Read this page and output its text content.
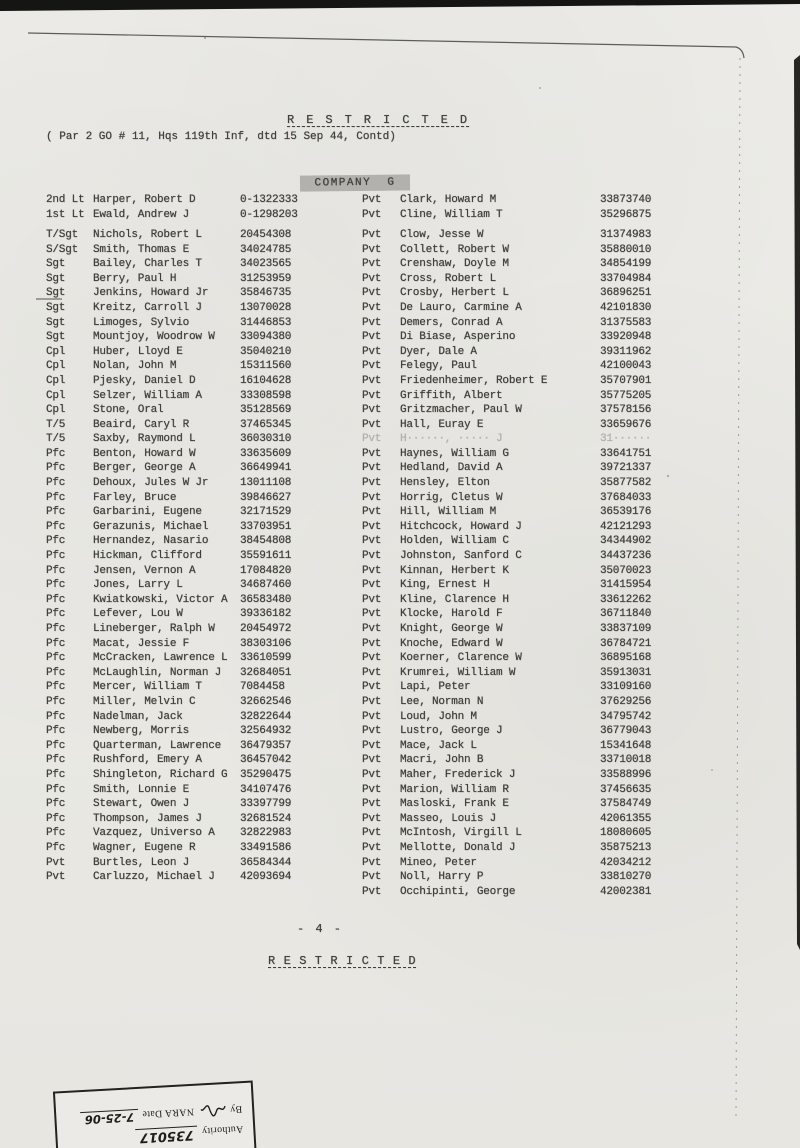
R E S T R I C T E D
( Par 2 GO # 11, Hqs 119th Inf, dtd 15 Sep 44, Contd)
COMPANY  G
2nd Lt Harper, Robert D	0-1322333
1st Lt Ewald, Andrew J	0-1298203
T/Sgt	Nichols, Robert L	20454308
S/Sgt	Smith, Thomas E	34024785
Sgt	Bailey, Charles T	34023565
Sgt	Berry, Paul H	31253959
Sgt	Jenkins, Howard Jr	35846735
Sgt	Kreitz, Carroll J	13070028
Sgt	Limoges, Sylvio	31446853
Sgt	Mountjoy, Woodrow W	33094380
Cpl	Huber, Lloyd E	35040210
Cpl	Nolan, John M	15311560
Cpl	Pjesky, Daniel D	16104628
Cpl	Selzer, William A	33308598
Cpl	Stone, Oral	35128569
T/5	Beaird, Caryl R	37465345
T/5	Saxby, Raymond L	36030310
Pfc	Benton, Howard W	33635609
Pfc	Berger, George A	36649941
Pfc	Dehoux, Jules W Jr	13011108
Pfc	Farley, Bruce	39846627
Pfc	Garbarini, Eugene	32171529
Pfc	Gerazunis, Michael	33703951
Pfc	Hernandez, Nasario	38454808
Pfc	Hickman, Clifford	35591611
Pfc	Jensen, Vernon A	17084820
Pfc	Jones, Larry L	34687460
Pfc	Kwiatkowski, Victor A	36583480
Pfc	Lefever, Lou W	39336182
Pfc	Lineberger, Ralph W	20454972
Pfc	Macat, Jessie F	38303106
Pfc	McCracken, Lawrence L	33610599
Pfc	McLaughlin, Norman J	32684051
Pfc	Mercer, William T	7084458
Pfc	Miller, Melvin C	32662546
Pfc	Nadelman, Jack	32822644
Pfc	Newberg, Morris	32564932
Pfc	Quarterman, Lawrence	36479357
Pfc	Rushford, Emery A	36457042
Pfc	Shingleton, Richard G	35290475
Pfc	Smith, Lonnie E	34107476
Pfc	Stewart, Owen J	33397799
Pfc	Thompson, James J	32681524
Pfc	Vazquez, Universo A	32822983
Pfc	Wagner, Eugene R	33491586
Pvt	Burtles, Leon J	36584344
Pvt	Carluzzo, Michael J	42093694
Pvt	Clark, Howard M	33873740
Pvt	Cline, William T	35296875
Pvt	Clow, Jesse W	31374983
Pvt	Collett, Robert W	35880010
Pvt	Crenshaw, Doyle M	34854199
Pvt	Cross, Robert L	33704984
Pvt	Crosby, Herbert L	36896251
Pvt	De Lauro, Carmine A	42101830
Pvt	Demers, Conrad A	31375583
Pvt	Di Biase, Asperino	33920948
Pvt	Dyer, Dale A	39311962
Pvt	Felegy, Paul	42100043
Pvt	Friedenheimer, Robert E	35707901
Pvt	Griffith, Albert	35775205
Pvt	Gritzmacher, Paul W	37578156
Pvt	Hall, Euray E	33659676
Pvt	H······, ····· J	31······
Pvt	Haynes, William G	33641751
Pvt	Hedland, David A	39721337
Pvt	Hensley, Elton	35877582
Pvt	Horrig, Cletus W	37684033
Pvt	Hill, William M	36539176
Pvt	Hitchcock, Howard J	42121293
Pvt	Holden, William C	34344902
Pvt	Johnston, Sanford C	34437236
Pvt	Kinnan, Herbert K	35070023
Pvt	King, Ernest H	31415954
Pvt	Kline, Clarence H	33612262
Pvt	Klocke, Harold F	36711840
Pvt	Knight, George W	33837109
Pvt	Knoche, Edward W	36784721
Pvt	Koerner, Clarence W	36895168
Pvt	Krumrei, William W	35913031
Pvt	Lapi, Peter	33109160
Pvt	Lee, Norman N	37629256
Pvt	Loud, John M	34795742
Pvt	Lustro, George J	36779043
Pvt	Mace, Jack L	15341648
Pvt	Macri, John B	33710018
Pvt	Maher, Frederick J	33588996
Pvt	Marion, William R	37456635
Pvt	Masloski, Frank E	37584749
Pvt	Masseo, Louis J	42061355
Pvt	McIntosh, Virgill L	18080605
Pvt	Mellotte, Donald J	35875213
Pvt	Mineo, Peter	42034212
Pvt	Noll, Harry P	33810270
Pvt	Occhipinti, George	42002381
- 4 -
R E S T R I C T E D
Authority
735017
By
NARA Date
7-25-06
